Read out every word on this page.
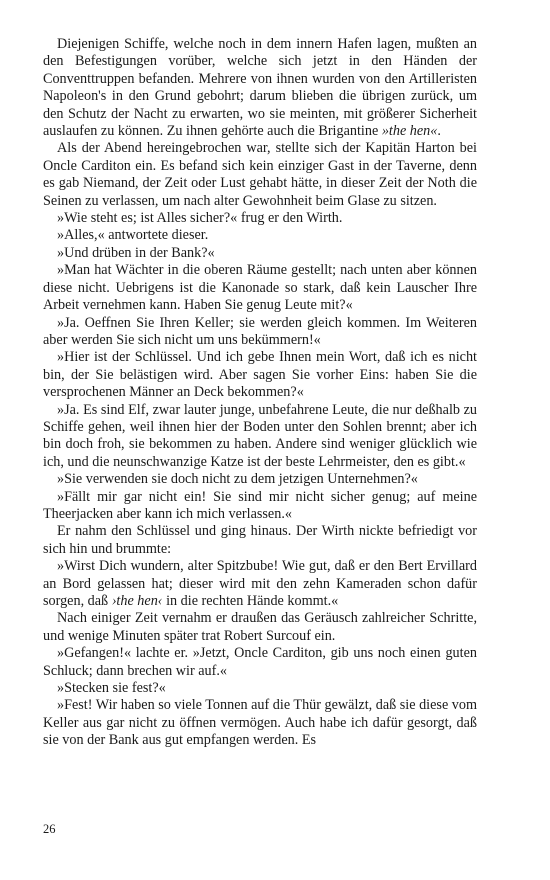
Diejenigen Schiffe, welche noch in dem innern Hafen lagen, mußten an den Befestigungen vorüber, welche sich jetzt in den Händen der Conventtruppen befanden. Mehrere von ihnen wurden von den Artilleristen Napoleon's in den Grund gebohrt; darum blieben die übrigen zurück, um den Schutz der Nacht zu erwarten, wo sie meinten, mit größerer Sicherheit auslaufen zu können. Zu ihnen gehörte auch die Brigantine »the hen«.

Als der Abend hereingebrochen war, stellte sich der Kapitän Harton bei Oncle Carditon ein. Es befand sich kein einziger Gast in der Taverne, denn es gab Niemand, der Zeit oder Lust gehabt hätte, in dieser Zeit der Noth die Seinen zu verlassen, um nach alter Gewohnheit beim Glase zu sitzen.

»Wie steht es; ist Alles sicher?« frug er den Wirth.

»Alles,« antwortete dieser.

»Und drüben in der Bank?«

»Man hat Wächter in die oberen Räume gestellt; nach unten aber können diese nicht. Uebrigens ist die Kanonade so stark, daß kein Lauscher Ihre Arbeit vernehmen kann. Haben Sie genug Leute mit?«

»Ja. Oeffnen Sie Ihren Keller; sie werden gleich kommen. Im Weiteren aber werden Sie sich nicht um uns bekümmern!«

»Hier ist der Schlüssel. Und ich gebe Ihnen mein Wort, daß ich es nicht bin, der Sie belästigen wird. Aber sagen Sie vorher Eins: haben Sie die versprochenen Männer an Deck bekommen?«

»Ja. Es sind Elf, zwar lauter junge, unbefahrene Leute, die nur deßhalb zu Schiffe gehen, weil ihnen hier der Boden unter den Sohlen brennt; aber ich bin doch froh, sie bekommen zu haben. Andere sind weniger glücklich wie ich, und die neunschwanzige Katze ist der beste Lehrmeister, den es gibt.«

»Sie verwenden sie doch nicht zu dem jetzigen Unternehmen?«

»Fällt mir gar nicht ein! Sie sind mir nicht sicher genug; auf meine Theerjacken aber kann ich mich verlassen.«

Er nahm den Schlüssel und ging hinaus. Der Wirth nickte befriedigt vor sich hin und brummte:

»Wirst Dich wundern, alter Spitzbube! Wie gut, daß er den Bert Ervillard an Bord gelassen hat; dieser wird mit den zehn Kameraden schon dafür sorgen, daß ›the hen‹ in die rechten Hände kommt.«

Nach einiger Zeit vernahm er draußen das Geräusch zahlreicher Schritte, und wenige Minuten später trat Robert Surcouf ein.

»Gefangen!« lachte er. »Jetzt, Oncle Carditon, gib uns noch einen guten Schluck; dann brechen wir auf.«

»Stecken sie fest?«

»Fest! Wir haben so viele Tonnen auf die Thür gewälzt, daß sie diese vom Keller aus gar nicht zu öffnen vermögen. Auch habe ich dafür gesorgt, daß sie von der Bank aus gut empfangen werden. Es

26
